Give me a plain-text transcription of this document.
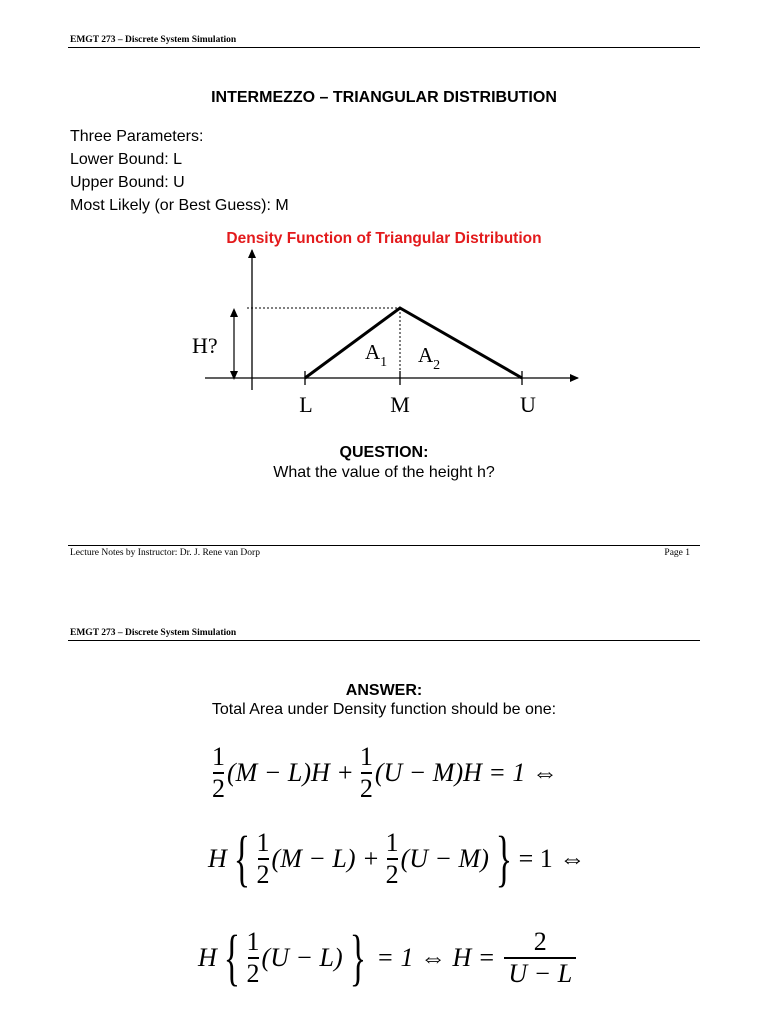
EMGT 273 – Discrete System Simulation
INTERMEZZO – TRIANGULAR DISTRIBUTION
Three Parameters:
Lower Bound: L
Upper Bound: U
Most Likely (or Best Guess): M
Density Function of Triangular Distribution
H?	$A_1$ $A_2$
L	M	U
QUESTION:
What the value of the height h?
Lecture Notes by Instructor: Dr. J. Rene van Dorp	Page 1
EMGT 273 – Discrete System Simulation
ANSWER:
Total Area under Density function should be one:
$\frac{1}{2} (M - L)H + \frac{1}{2} (U - M)H = 1$ ⇔
H { $\frac{1}{2} (M - L) + \frac{1}{2} (U - M)$ } = 1 ⇔
H { $\frac{1}{2} (U - L)$ } = 1 ⇔ $H = \frac{2}{U - L}$
